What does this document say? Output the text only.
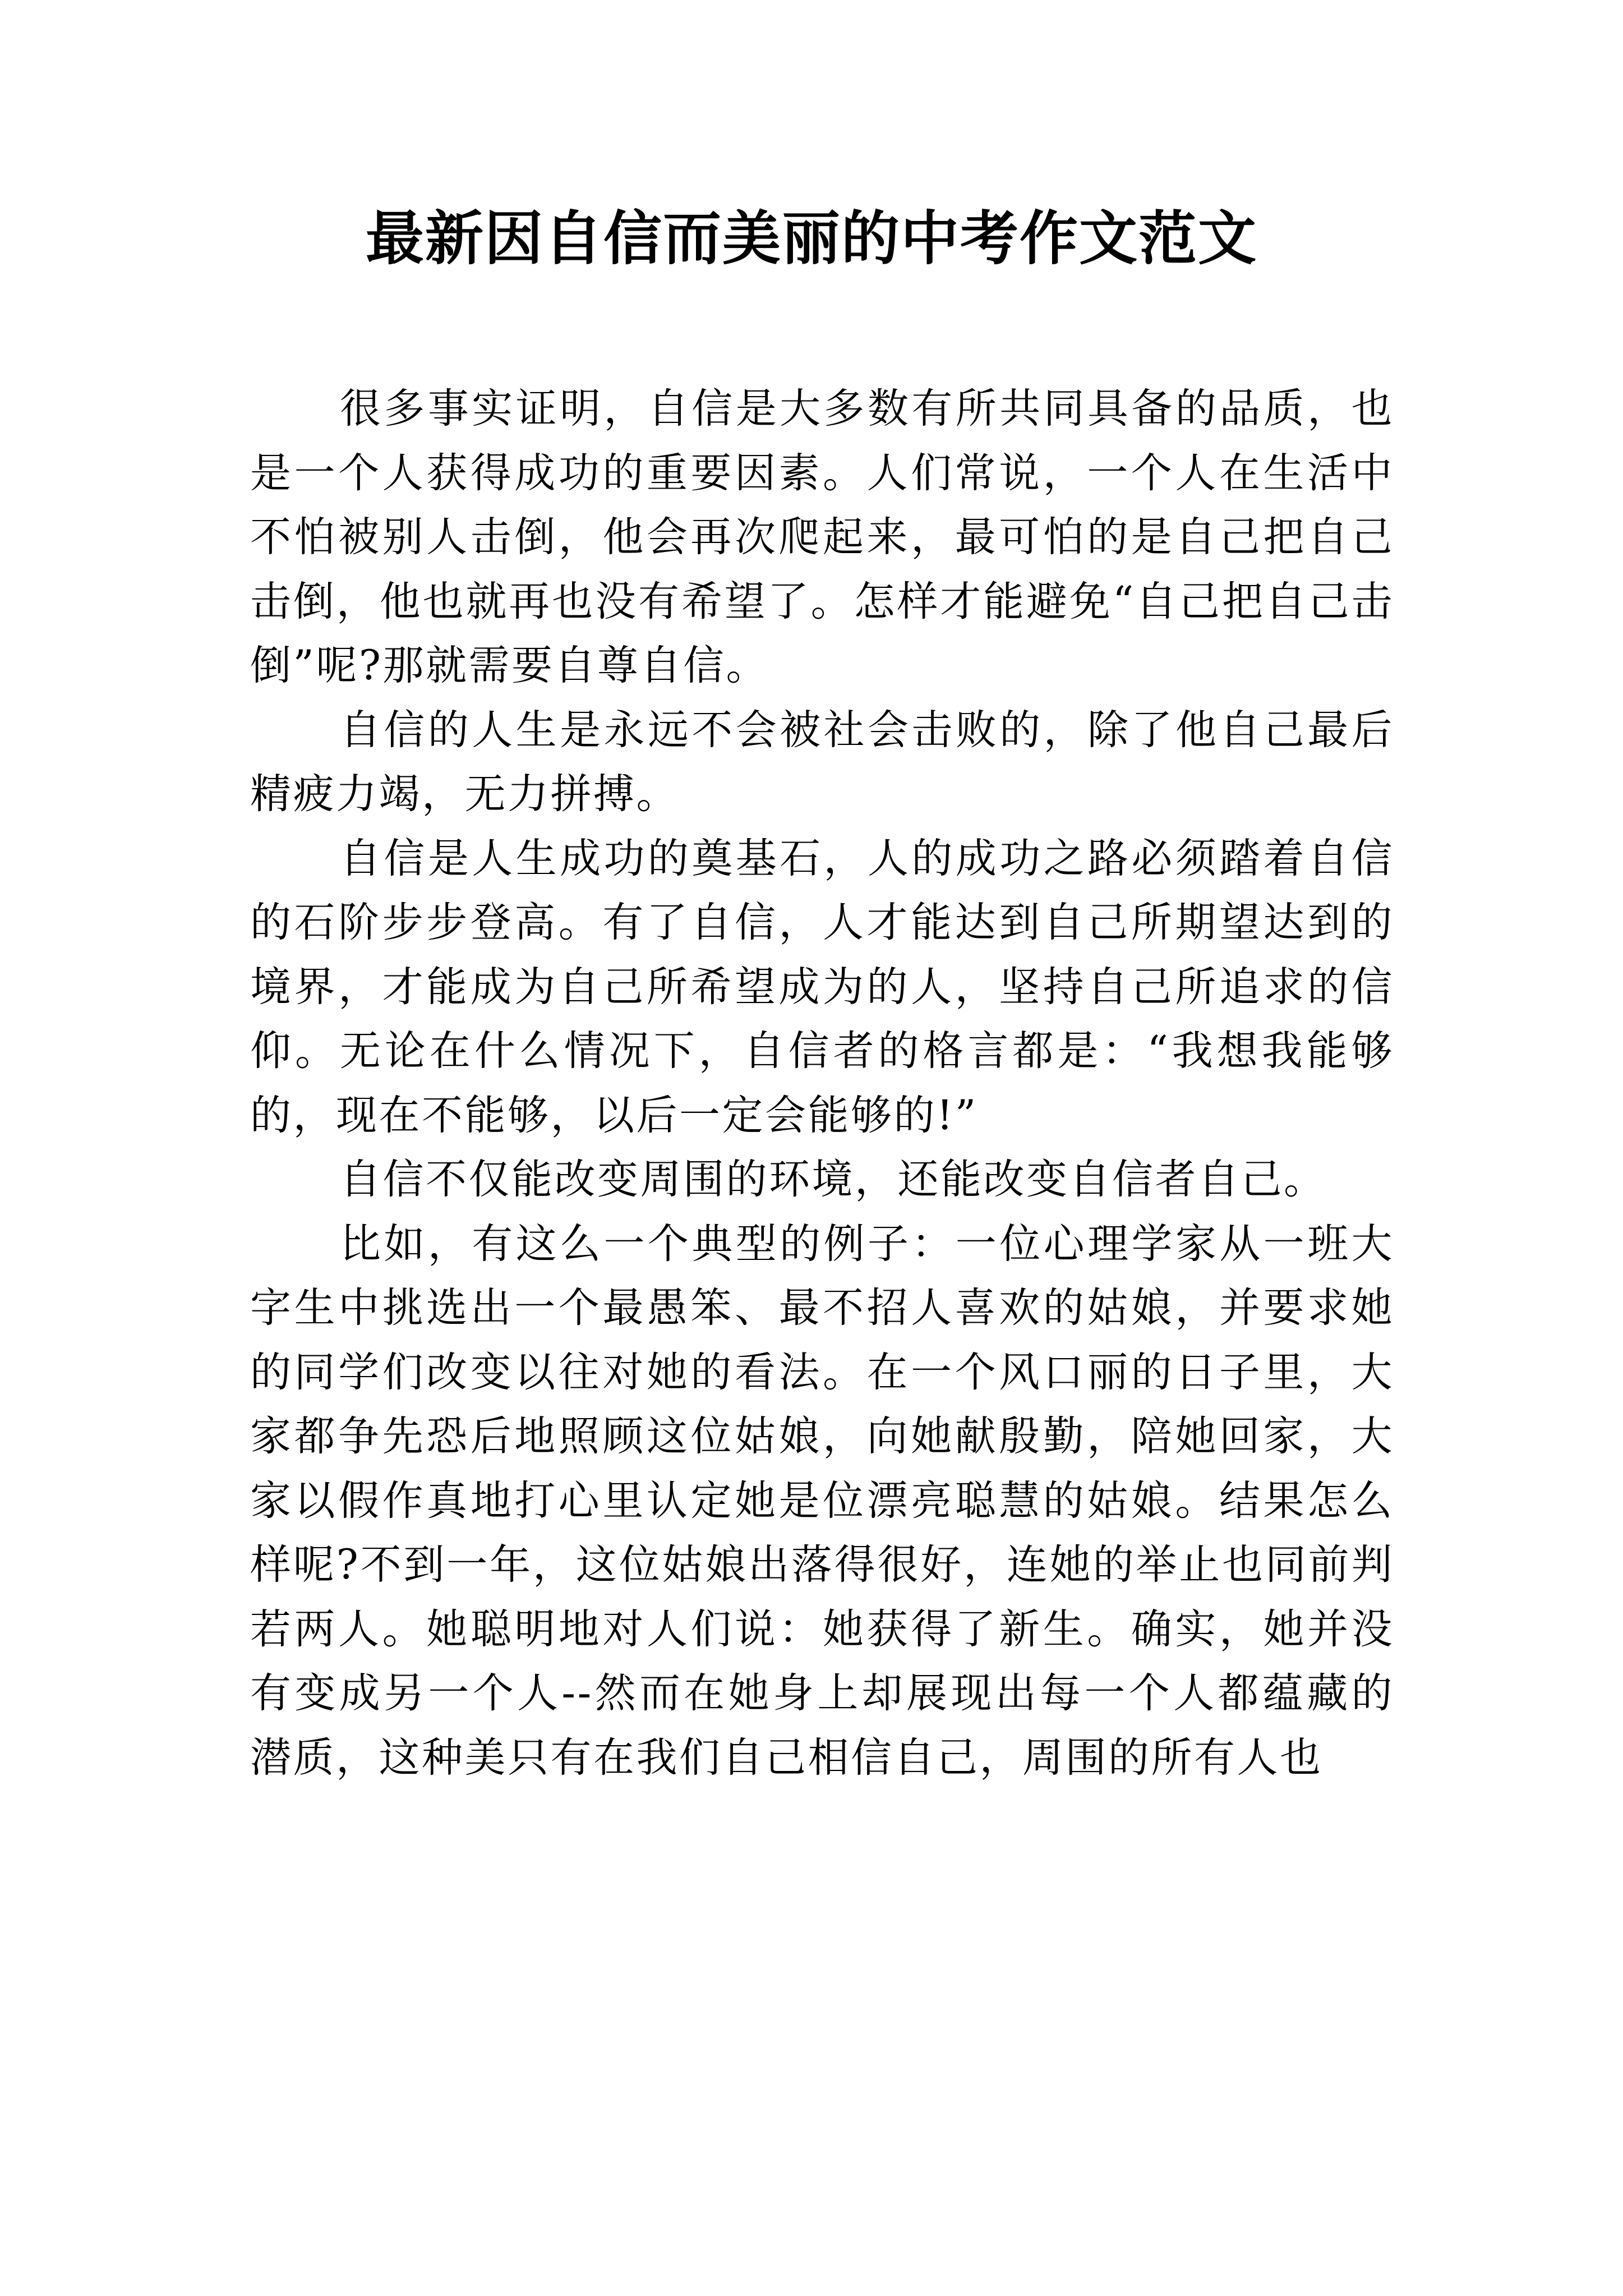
最新因自信而美丽的中考作文范文

很多事实证明，自信是大多数有所共同具备的品质，也是一个人获得成功的重要因素。人们常说，一个人在生活中不怕被别人击倒，他会再次爬起来，最可怕的是自己把自己击倒，他也就再也没有希望了。怎样才能避免“自己把自己击倒”呢?那就需要自尊自信。

自信的人生是永远不会被社会击败的，除了他自己最后精疲力竭，无力拼搏。

自信是人生成功的奠基石，人的成功之路必须踏着自信的石阶步步登高。有了自信，人才能达到自己所期望达到的境界，才能成为自己所希望成为的人，坚持自己所追求的信仰。无论在什么情况下，自信者的格言都是：“我想我能够的，现在不能够，以后一定会能够的!”

自信不仅能改变周围的环境，还能改变自信者自己。

比如，有这么一个典型的例子：一位心理学家从一班大字生中挑选出一个最愚笨、最不招人喜欢的姑娘，并要求她的同学们改变以往对她的看法。在一个风口丽的日子里，大家都争先恐后地照顾这位姑娘，向她献殷勤，陪她回家，大家以假作真地打心里认定她是位漂亮聪慧的姑娘。结果怎么样呢?不到一年，这位姑娘出落得很好，连她的举止也同前判若两人。她聪明地对人们说：她获得了新生。确实，她并没有变成另一个人--然而在她身上却展现出每一个人都蕴藏的潜质，这种美只有在我们自己相信自己，周围的所有人也
